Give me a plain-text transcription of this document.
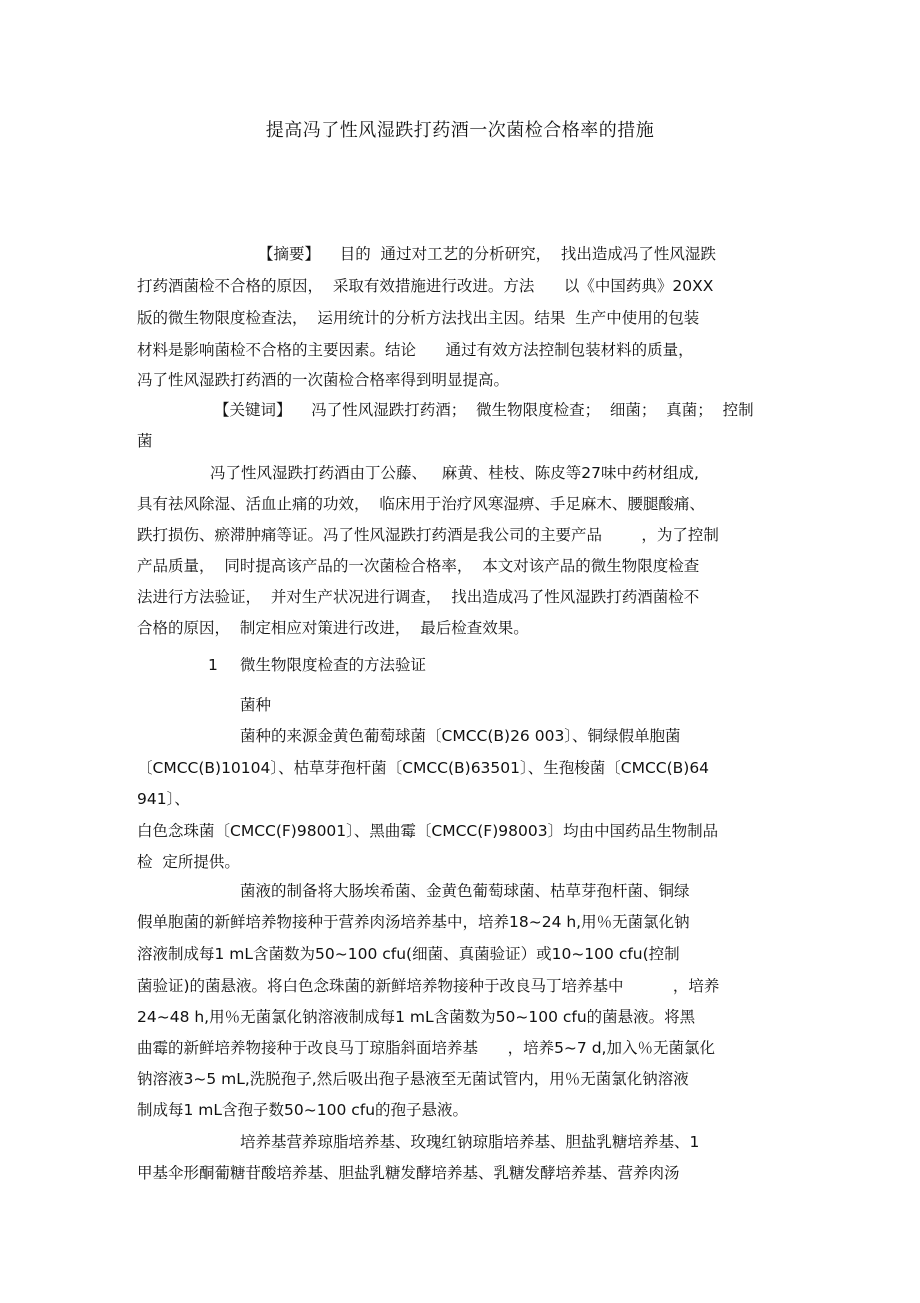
提高冯了性风湿跌打药酒一次菌检合格率的措施
【摘要】    目的  通过对工艺的分析研究，  找出造成冯了性风湿跌
打药酒菌检不合格的原因，  采取有效措施进行改进。方法      以《中国药典》20XX
版的微生物限度检查法，  运用统计的分析方法找出主因。结果  生产中使用的包装
材料是影响菌检不合格的主要因素。结论      通过有效方法控制包装材料的质量，
冯了性风湿跌打药酒的一次菌检合格率得到明显提高。
【关键词】    冯了性风湿跌打药酒；  微生物限度检查；  细菌；  真菌；  控制
菌
冯了性风湿跌打药酒由丁公藤、   麻黄、桂枝、陈皮等27味中药材组成,
具有祛风除湿、活血止痛的功效，  临床用于治疗风寒湿痹、手足麻木、腰腿酸痛、
跌打损伤、瘀滞肿痛等证。冯了性风湿跌打药酒是我公司的主要产品        ，为了控制
产品质量，  同时提高该产品的一次菌检合格率，  本文对该产品的微生物限度检查
法进行方法验证，  并对生产状况进行调查，  找出造成冯了性风湿跌打药酒菌检不
合格的原因，  制定相应对策进行改进，  最后检查效果。
1 微生物限度检查的方法验证
菌种
菌种的来源金黄色葡萄球菌〔CMCC(B)26 003〕、铜绿假单胞菌
〔CMCC(B)10104〕、枯草芽孢杆菌〔CMCC(B)63501〕、生孢梭菌〔CMCC(B)64
941〕、
白色念珠菌〔CMCC(F)98001〕、黑曲霉〔CMCC(F)98003〕均由中国药品生物制品
检  定所提供。
菌液的制备将大肠埃希菌、金黄色葡萄球菌、枯草芽孢杆菌、铜绿
假单胞菌的新鲜培养物接种于营养肉汤培养基中，培养18~24 h,用％无菌氯化钠
溶液制成每1 mL含菌数为50~100 cfu(细菌、真菌验证）或10~100 cfu(控制
菌验证)的菌悬液。将白色念珠菌的新鲜培养物接种于改良马丁培养基中          ，培养
24~48 h,用％无菌氯化钠溶液制成每1 mL含菌数为50~100 cfu的菌悬液。将黑
曲霉的新鲜培养物接种于改良马丁琼脂斜面培养基      ，培养5~7 d,加入％无菌氯化
钠溶液3~5 mL,洗脱孢子,然后吸出孢子悬液至无菌试管内，用％无菌氯化钠溶液
制成每1 mL含孢子数50~100 cfu的孢子悬液。
培养基营养琼脂培养基、玫瑰红钠琼脂培养基、胆盐乳糖培养基、1
甲基伞形酮葡糖苷酸培养基、胆盐乳糖发酵培养基、乳糖发酵培养基、营养肉汤
